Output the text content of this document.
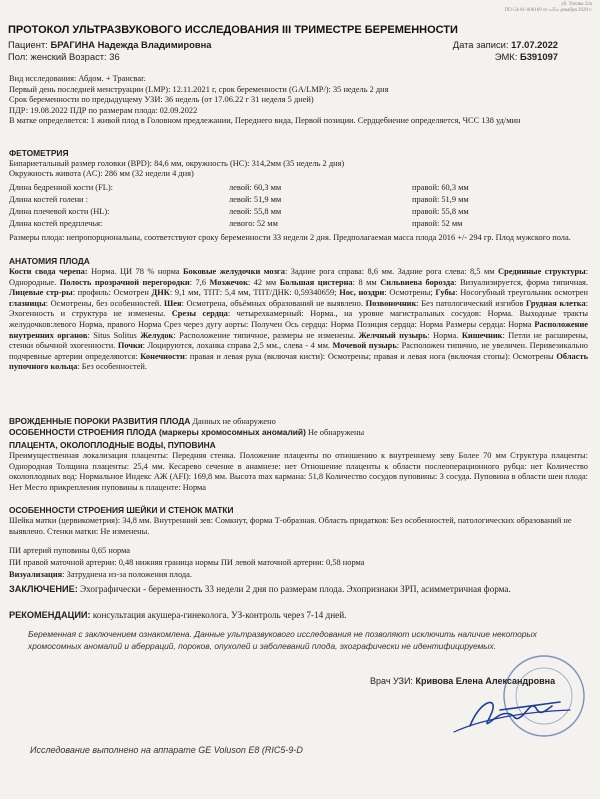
уб. Топлва 22а
ПО-54-01-006169 от «25» декабря 2020 г.
ПРОТОКОЛ УЛЬТРАЗВУКОВОГО ИССЛЕДОВАНИЯ III ТРИМЕСТРЕ БЕРЕМЕННОСТИ
Пациент: БРАГИНА Надежда Владимировна	Дата записи: 17.07.2022
Пол: женский Возраст: 36	ЭМК: Б391097
Вид исследования: Абдом. + Трансваг.
Первый день последней менструации (LMP): 12.11.2021 г, срок беременности (GA/LMP/): 35 недель 2 дня
Срок беременности по предыдущему УЗИ: 36 недель (от 17.06.22 г 31 неделя 5 дней)
ПДР: 19.08.2022 ПДР по размерам плода: 02.09.2022
В матке определяется: 1 живой плод в Головном предлежании, Переднего вида, Первой позиции. Сердцебиение определяется, ЧСС 138 уд/мин
ФЕТОМЕТРИЯ
Бипариетальный размер головки (BPD): 84,6 мм, окружность (HC): 314,2мм (35 недель 2 дня)
Окружность живота (AC): 286 мм (32 недели 4 дня)
Длина бедренной кости (FL):	левой: 60,3 мм	правой: 60,3 мм
Длина костей голени :	левой: 51,9 мм	правой: 51,9 мм
Длина плечевой кости (HL):	левой: 55,8 мм	правой: 55,8 мм
Длина костей предплечья:	левого: 52 мм	правой: 52 мм
Размеры плода: непропорциональны, соответствуют сроку беременности 33 недели 2 дня. Предполагаемая масса плода 2016 +/- 294 гр. Плод мужского пола.
АНАТОМИЯ ПЛОДА
Кости свода черепа: Норма. ЦИ 78 % норма Боковые желудочки мозга: Задние рога справа: 8,6 мм. Задние рога слева: 8,5 мм Срединные структуры: Однородные. Полость прозрачной перегородки: 7,6 Мозжечок: 42 мм Большая цистерна: 8 мм Сильвиева борозда: Визуализируется, форма типичная. Лицевые стр-ры: профиль: Осмотрен ДНК: 9,1 мм, ТПТ: 5,4 мм, ТПТ/ДНК: 0,59340659; Нос, ноздри: Осмотрены; Губы: Носогубный треугольник осмотрен глазницы: Осмотрены, без особенностей. Шея: Осмотрена, объёмных образований не выявлено. Позвоночник: Без патологический изгибов Грудная клетка: Эхогенность и структура не изменены. Срезы сердца: четырехкамерный: Норма., на уровне магистральных сосудов: Норма. Выходные тракты желудочков:левого Норма, правого Норма Срез через дугу аорты: Получен Ось сердца: Норма Позиция сердца: Норма Размеры сердца: Норма Расположение внутренних органов: Situs Solitus Желудок: Расположение типичное, размеры не изменены. Желчный пузырь: Норма. Кишечник: Петли не расширены, стенки обычной эхогенности. Почки: Лоцируются, лоханка справа 2,5 мм., слева - 4 мм. Мочевой пузырь: Расположен типично, не увеличен. Перивезикально подчревные артерии определяются: Конечности: правая и левая рука (включая кисти): Осмотрены; правая и левая нога (включая стопы): Осмотрены Область пупочного кольца: Без особенностей.
ВРОЖДЕННЫЕ ПОРОКИ РАЗВИТИЯ ПЛОДА Данных не обнаружено
ОСОБЕННОСТИ СТРОЕНИЯ ПЛОДА (маркеры хромосомных аномалий) Не обнаружены
ПЛАЦЕНТА, ОКОЛОПЛОДНЫЕ ВОДЫ, ПУПОВИНА
Преимущественная локализация плаценты: Передняя стенка. Положение плаценты по отношению к внутреннему зеву Более 70 мм Структура плаценты: Однородная Толщина плаценты: 25,4 мм. Кесарево сечение в анамнезе: нет Отношение плаценты к области послеоперационного рубца: нет Количество околоплодных вод: Нормальное Индекс АЖ (AFI): 169,8 мм. Высота max кармана: 51,8 Количество сосудов пуповины: 3 сосуда. Пуповина в области шеи плода: Нет Место прикрепления пуповины к плаценте: Норма
ОСОБЕННОСТИ СТРОЕНИЯ ШЕЙКИ И СТЕНОК МАТКИ
Шейка матки (цервикометрия): 34,8 мм. Внутренний зев: Сомкнут, форма Т-образная. Область придатков: Без особенностей, патологических образований не выявлено. Стенки матки: Не изменены.
ПИ артерий пуповины 0,65 норма
ПИ правой маточной артерии: 0,48 нижняя граница нормы ПИ левой маточной артерии: 0,58 норма
Визуализация: Затруднена из-за положения плода.
ЗАКЛЮЧЕНИЕ: Эхографически - беременность 33 недели 2 дня по размерам плода. Эхопризнаки ЗРП, асимметричная форма.
РЕКОМЕНДАЦИИ: консультация акушера-гинеколога. УЗ-контроль через 7-14 дней.
Беременная с заключением ознакомлена. Данные ультразвукового исследования не позволяют исключить наличие некоторых хромосомных аномалий и аберраций, пороков, опухолей и заболеваний плода, эхографически не идентифицируемых.
Врач УЗИ: Кривова Елена Александровна
Исследование выполнено на аппарате GE Voluson E8 (RIC5-9-D
